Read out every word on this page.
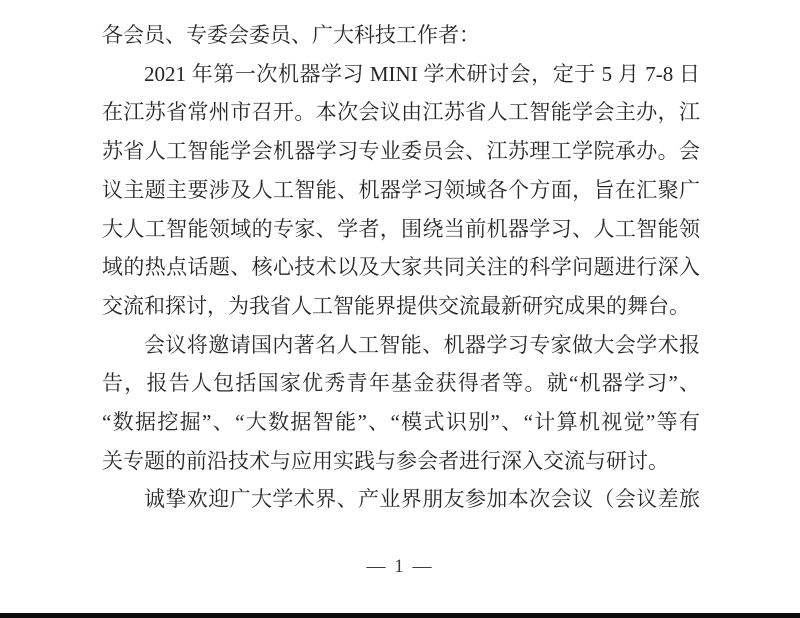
各会员、专委会委员、广大科技工作者：

2021 年第一次机器学习 MINI 学术研讨会，定于 5 月 7-8 日

在江苏省常州市召开。本次会议由江苏省人工智能学会主办，江

苏省人工智能学会机器学习专业委员会、江苏理工学院承办。会

议主题主要涉及人工智能、机器学习领域各个方面，旨在汇聚广

大人工智能领域的专家、学者，围绕当前机器学习、人工智能领

域的热点话题、核心技术以及大家共同关注的科学问题进行深入

交流和探讨，为我省人工智能界提供交流最新研究成果的舞台。

会议将邀请国内著名人工智能、机器学习专家做大会学术报

告，报告人包括国家优秀青年基金获得者等。就“机器学习”、

“数据挖掘”、“大数据智能”、“模式识别”、“计算机视觉”等有

关专题的前沿技术与应用实践与参会者进行深入交流与研讨。

诚挚欢迎广大学术界、产业界朋友参加本次会议（会议差旅

— 1 —
